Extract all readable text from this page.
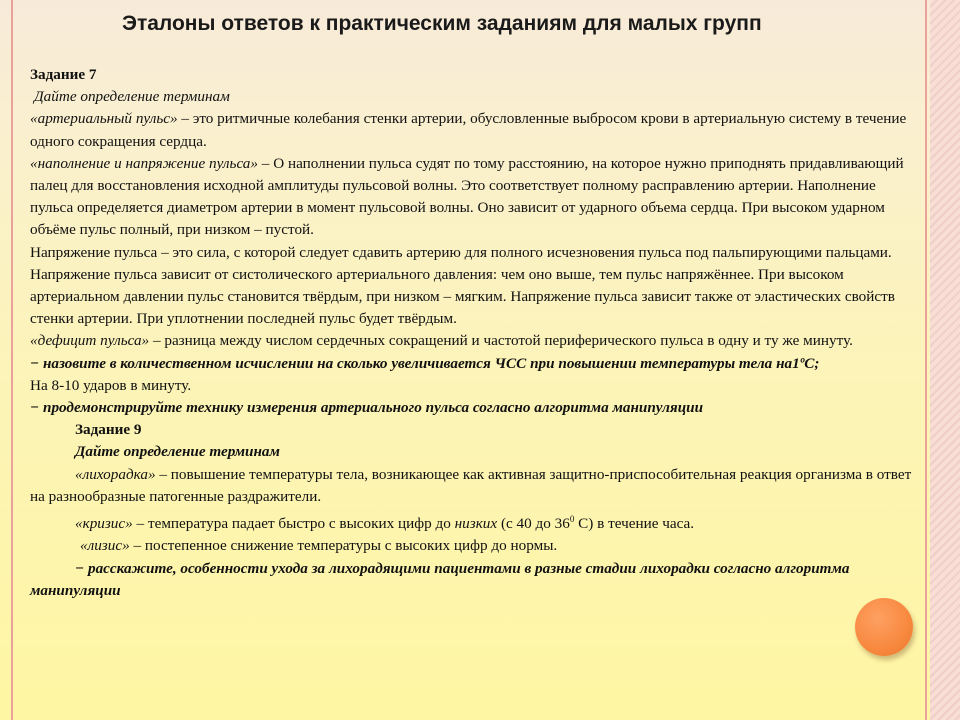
Эталоны ответов к практическим заданиям для малых групп

Задание 7

Дайте определение терминам

«артериальный пульс» – это ритмичные колебания стенки артерии, обусловленные выбросом крови в артериальную систему в течение одного сокращения сердца.

«наполнение и напряжение пульса» – О наполнении пульса судят по тому расстоянию, на которое нужно приподнять придавливающий палец для восстановления исходной амплитуды пульсовой волны. Это соответствует полному расправлению артерии. Наполнение пульса определяется диаметром артерии в момент пульсовой волны. Оно зависит от ударного объема сердца. При высоком ударном объёме пульс полный, при низком – пустой.

Напряжение пульса – это сила, с которой следует сдавить артерию для полного исчезновения пульса под пальпирующими пальцами. Напряжение пульса зависит от систолического артериального давления: чем оно выше, тем пульс напряжённее. При высоком артериальном давлении пульс становится твёрдым, при низком – мягким. Напряжение пульса зависит также от эластических свойств стенки артерии. При уплотнении последней пульс будет твёрдым.

«дефицит пульса» – разница между числом сердечных сокращений и частотой периферического пульса в одну и ту же минуту.

− назовите в количественном исчислении на сколько увеличивается ЧСС при повышении температуры тела на1ºС;

На 8-10 ударов в минуту.

− продемонстрируйте технику измерения артериального пульса согласно алгоритма манипуляции

Задание 9

Дайте определение терминам

«лихорадка» – повышение температуры тела, возникающее как активная защитно-приспособительная реакция организма в ответ на разнообразные патогенные раздражители.

«кризис» – температура падает быстро с высоких цифр до низких (с 40 до $36^0$ С) в течение часа.

«лизис» – постепенное снижение температуры с высоких цифр до нормы.

− расскажите, особенности ухода за лихорадящими пациентами в разные стадии лихорадки согласно алгоритма манипуляции
